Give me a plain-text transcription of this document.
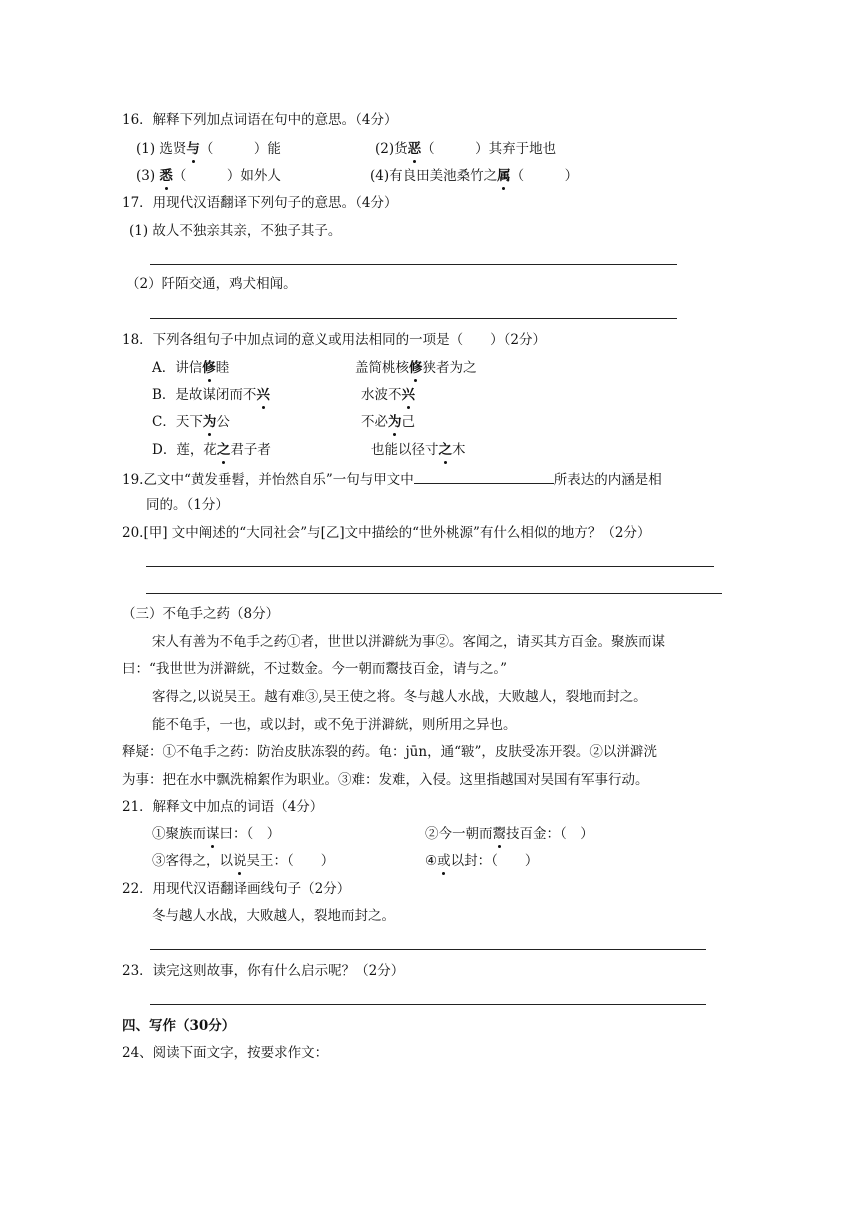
16．解释下列加点词语在句中的意思。（4分）
(1) 选贤与（　　　）能	(2)货恶（　　　）其弃于地也
(3) 悉（　　　）如外人	(4)有良田美池桑竹之属（　　　）
17．用现代汉语翻译下列句子的意思。（4分）
(1) 故人不独亲其亲，不独子其子。
（2）阡陌交通，鸡犬相闻。
18．下列各组句子中加点词的意义或用法相同的一项是（　　）（2分）
A．讲信修睦	盖简桃核修狭者为之
B．是故谋闭而不兴	水波不兴
C．天下为公	不必为己
D．莲，花之君子者	也能以径寸之木
19.乙文中“黄发垂髫，并怡然自乐”一句与甲文中	所表达的内涵是相
同的。（1分）
20.[甲] 文中阐述的“大同社会”与[乙]文中描绘的“世外桃源”有什么相似的地方？（2分）
（三）不龟手之药（8分）
宋人有善为不龟手之药①者，世世以洴澼絖为事②。客闻之，请买其方百金。聚族而谋
曰：“我世世为洴澼絖，不过数金。今一朝而鬻技百金，请与之。”
客得之,以说吴王。越有难③,吴王使之将。冬与越人水战，大败越人，裂地而封之。
能不龟手，一也，或以封，或不免于洴澼絖，则所用之异也。
释疑：①不龟手之药：防治皮肤冻裂的药。龟：jūn，通“皲”，皮肤受冻开裂。②以洴澼洸
为事：把在水中飘洗棉絮作为职业。③难：发难，入侵。这里指越国对吴国有军事行动。
21．解释文中加点的词语（4分）
①聚族而谋曰：（　）	②今一朝而鬻技百金：（　）
③客得之，以说吴王：（　　）	④或以封：（　　）
22．用现代汉语翻译画线句子（2分）
冬与越人水战，大败越人，裂地而封之。
23．读完这则故事，你有什么启示呢？（2分）
四、写作（30分）
24、阅读下面文字，按要求作文：
